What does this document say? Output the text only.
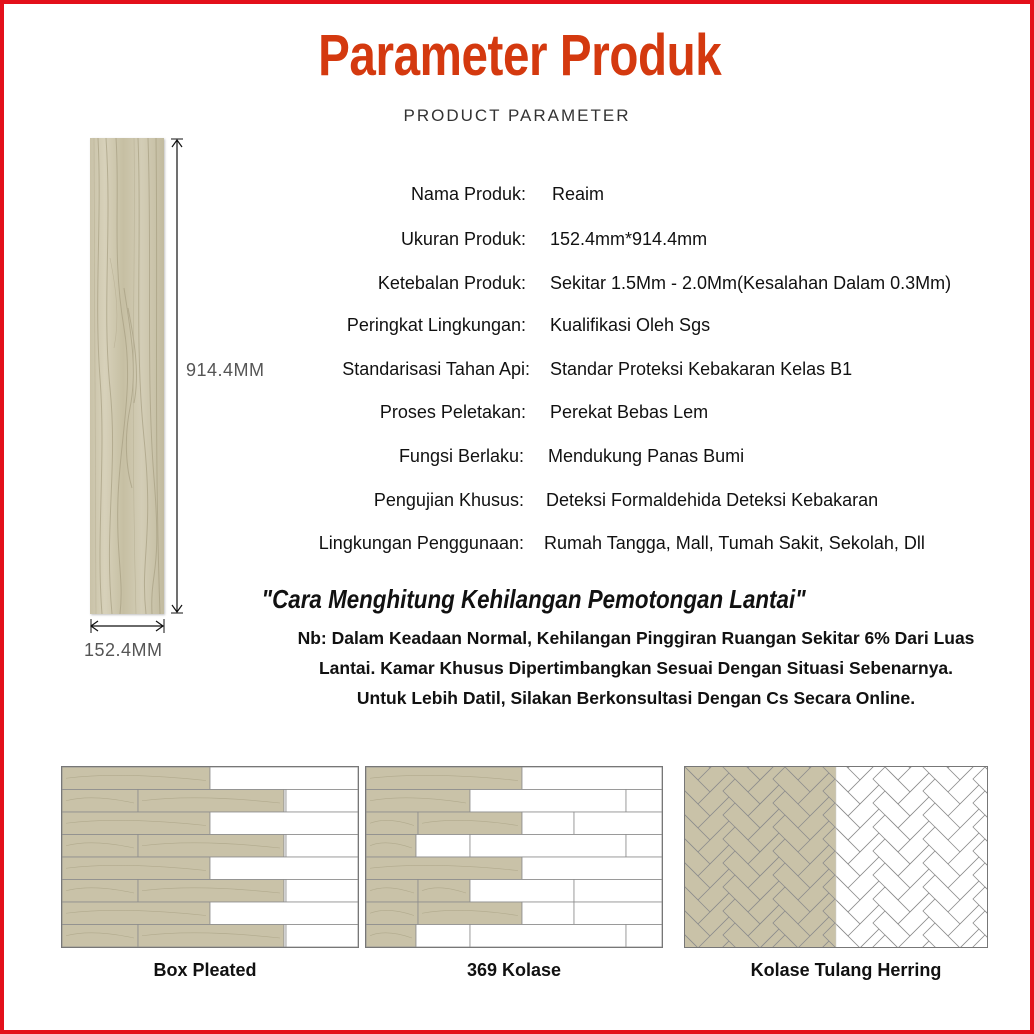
Parameter Produk
PRODUCT PARAMETER
914.4MM
152.4MM
Nama Produk: Reaim
Ukuran Produk: 152.4mm*914.4mm
Ketebalan Produk: Sekitar 1.5Mm - 2.0Mm(Kesalahan Dalam 0.3Mm)
Peringkat Lingkungan: Kualifikasi Oleh Sgs
Standarisasi Tahan Api: Standar Proteksi Kebakaran Kelas B1
Proses Peletakan: Perekat Bebas Lem
Fungsi Berlaku: Mendukung Panas Bumi
Pengujian Khusus: Deteksi Formaldehida Deteksi Kebakaran
Lingkungan Penggunaan: Rumah Tangga, Mall, Tumah Sakit, Sekolah, Dll
"Cara Menghitung Kehilangan Pemotongan Lantai"
Nb: Dalam Keadaan Normal, Kehilangan Pinggiran Ruangan Sekitar 6% Dari Luas
Lantai. Kamar Khusus Dipertimbangkan Sesuai Dengan Situasi Sebenarnya.
Untuk Lebih Datil, Silakan Berkonsultasi Dengan Cs Secara Online.
Box Pleated	369 Kolase	Kolase Tulang Herring
